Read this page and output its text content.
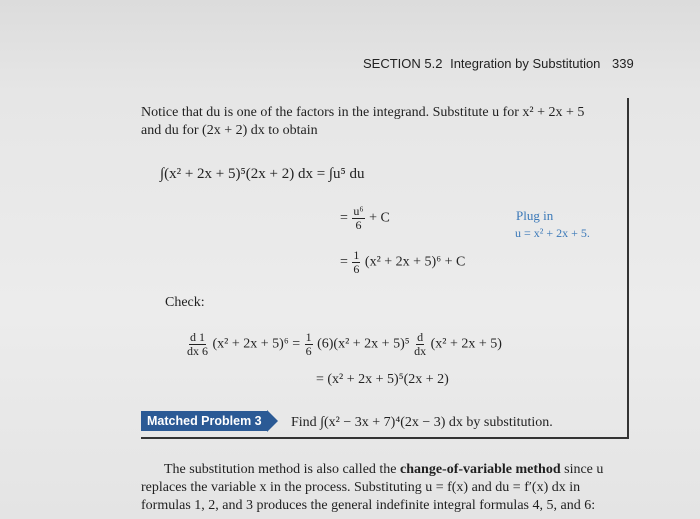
SECTION 5.2 Integration by Substitution 339
Notice that du is one of the factors in the integrand. Substitute u for x² + 2x + 5
and du for (2x + 2) dx to obtain
∫(x² + 2x + 5)⁵(2x + 2) dx = ∫u⁵ du
= $\frac{\text{u⁶}}{6} + C$
= $\frac{1}{6} (x^2 + 2x + 5)^6 + C$
Plug in
u = x² + 2x + 5.
Check:
$\frac{d 1}{dx 6} (x^2 + 2x + 5)^6 = \frac{1}{6} (6)(x^2 + 2x + 5)^5 \frac{d}{dx} (x^2 + 2x + 5)$
= (x² + 2x + 5)⁵(2x + 2)
Matched Problem 3	Find ∫(x² − 3x + 7)⁴(2x − 3) dx by substitution.
The substitution method is also called the change-of-variable method since u
replaces the variable x in the process. Substituting u = f(x) and du = f′(x) dx in
formulas 1, 2, and 3 produces the general indefinite integral formulas 4, 5, and 6:
